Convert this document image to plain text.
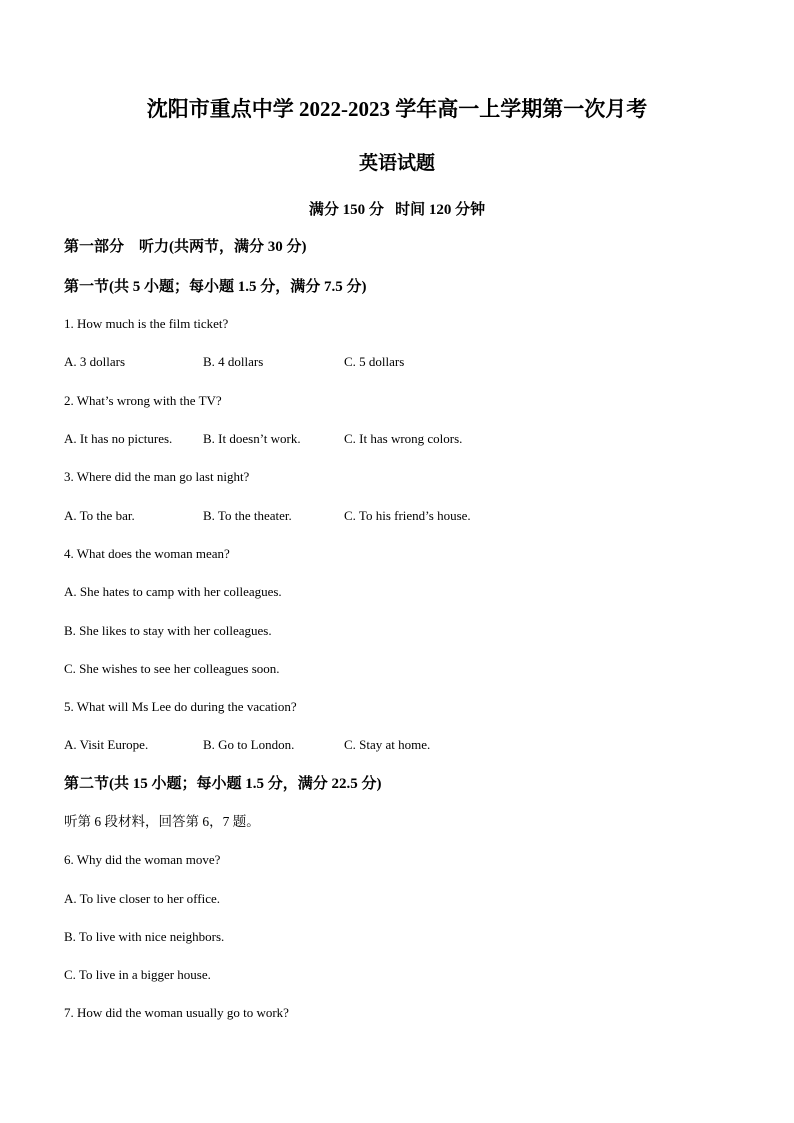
沈阳市重点中学 2022-2023 学年高一上学期第一次月考
英语试题
满分 150 分   时间 120 分钟
第一部分    听力(共两节，满分 30 分)
第一节(共 5 小题；每小题 1.5 分，满分 7.5 分)
1. How much is the film ticket?
A. 3 dollars	B. 4 dollars	C. 5 dollars
2. What’s wrong with the TV?
A. It has no pictures. B. It doesn’t work.	C. It has wrong colors.
3. Where did the man go last night?
A. To the bar.	B. To the theater.	C. To his friend’s house.
4. What does the woman mean?
A. She hates to camp with her colleagues.
B. She likes to stay with her colleagues.
C. She wishes to see her colleagues soon.
5. What will Ms Lee do during the vacation?
A. Visit Europe.	B. Go to London.	C. Stay at home.
第二节(共 15 小题；每小题 1.5 分，满分 22.5 分)
听第 6 段材料，回答第 6，7 题。
6. Why did the woman move?
A. To live closer to her office.
B. To live with nice neighbors.
C. To live in a bigger house.
7. How did the woman usually go to work?
